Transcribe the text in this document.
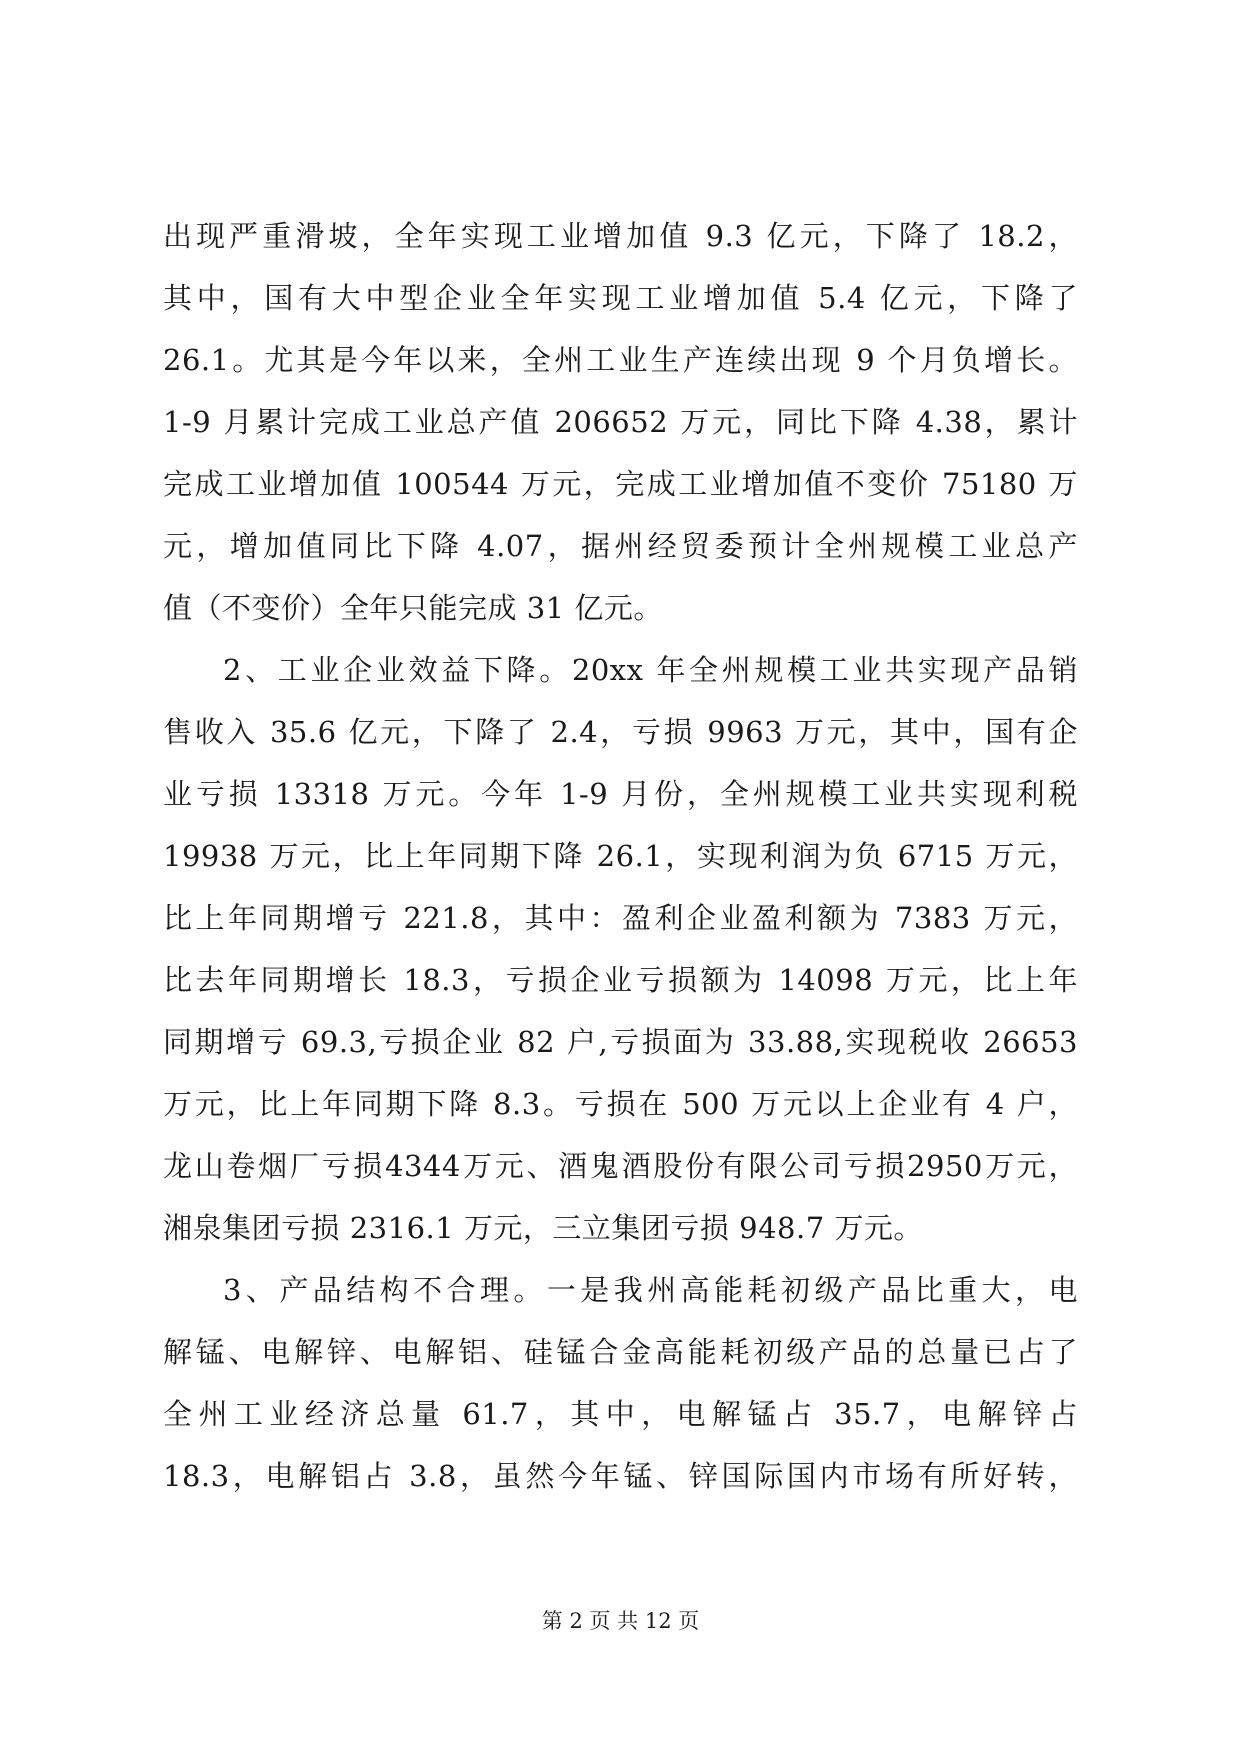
出现严重滑坡，全年实现工业增加值 9.3 亿元，下降了 18.2，
其中，国有大中型企业全年实现工业增加值 5.4 亿元，下降了
26.1。尤其是今年以来，全州工业生产连续出现 9 个月负增长。
1-9 月累计完成工业总产值 206652 万元，同比下降 4.38，累计
完成工业增加值 100544 万元，完成工业增加值不变价 75180 万
元，增加值同比下降 4.07，据州经贸委预计全州规模工业总产
值（不变价）全年只能完成 31 亿元。
2、工业企业效益下降。20xx 年全州规模工业共实现产品销
售收入 35.6 亿元，下降了 2.4，亏损 9963 万元，其中，国有企
业亏损 13318 万元。今年 1-9 月份，全州规模工业共实现利税
19938 万元，比上年同期下降 26.1，实现利润为负 6715 万元，
比上年同期增亏 221.8，其中：盈利企业盈利额为 7383 万元，
比去年同期增长 18.3，亏损企业亏损额为 14098 万元，比上年
同期增亏 69.3,亏损企业 82 户,亏损面为 33.88,实现税收 26653
万元，比上年同期下降 8.3。亏损在 500 万元以上企业有 4 户，
龙山卷烟厂亏损4344万元、酒鬼酒股份有限公司亏损2950万元，
湘泉集团亏损 2316.1 万元，三立集团亏损 948.7 万元。
3、产品结构不合理。一是我州高能耗初级产品比重大，电
解锰、电解锌、电解铝、硅锰合金高能耗初级产品的总量已占了
全州工业经济总量 61.7，其中，电解锰占 35.7，电解锌占
18.3，电解铝占 3.8，虽然今年锰、锌国际国内市场有所好转，
第 2 页 共 12 页
